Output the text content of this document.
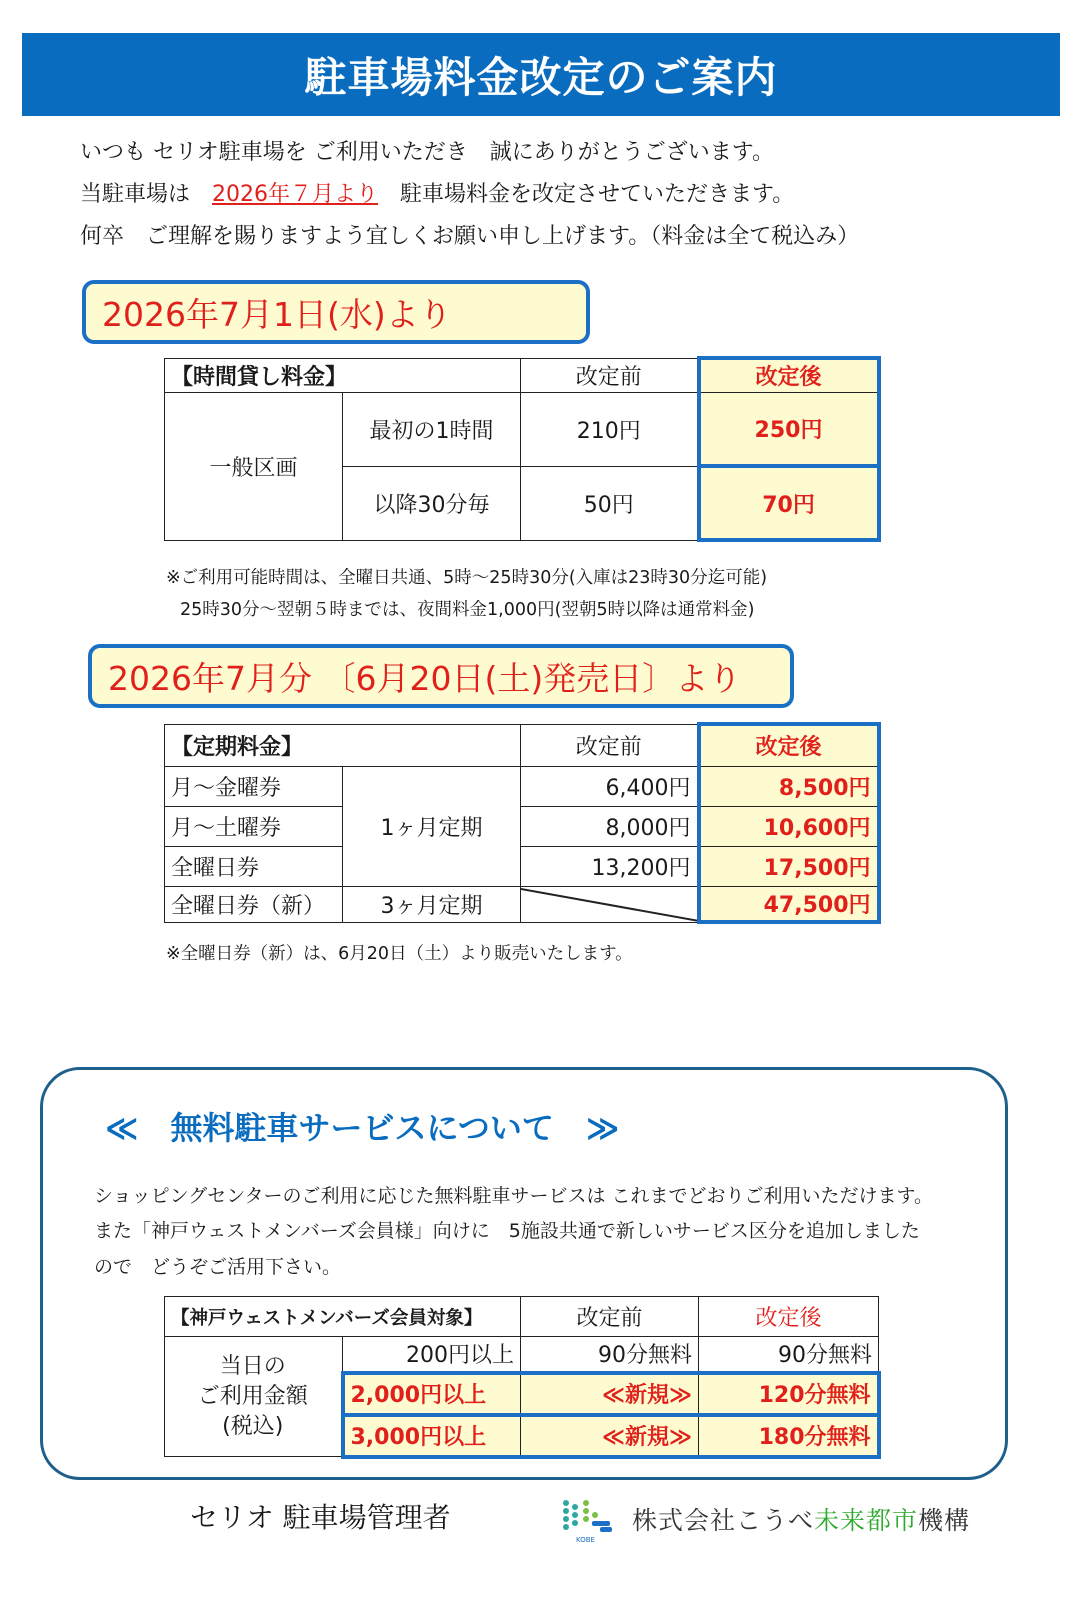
駐車場料金改定のご案内
いつも セリオ駐車場を ご利用いただき　誠にありがとうございます。
当駐車場は　2026年７月より　駐車場料金を改定させていただきます。
何卒　ご理解を賜りますよう宜しくお願い申し上げます。（料金は全て税込み）
2026年7月1日(水)より
【時間貸し料金】		改定前	改定後
一般区画	最初の1時間	210円	250円
	以降30分毎	50円	70円
※ご利用可能時間は、全曜日共通、5時～25時30分(入庫は23時30分迄可能)
25時30分～翌朝５時までは、夜間料金1,000円(翌朝5時以降は通常料金)
2026年7月分 〔6月20日(土)発売日〕より
【定期料金】		改定前	改定後
月～金曜券	1ヶ月定期	6,400円	8,500円
月～土曜券		8,000円	10,600円
全曜日券		13,200円	17,500円
全曜日券（新）	3ヶ月定期		47,500円
※全曜日券（新）は、6月20日（土）より販売いたします。
≪　無料駐車サービスについて　≫
ショッピングセンターのご利用に応じた無料駐車サービスは これまでどおりご利用いただけます。
また「神戸ウェストメンバーズ会員様」向けに　5施設共通で新しいサービス区分を追加しました
ので　どうぞご活用下さい。
【神戸ウェストメンバーズ会員対象】		改定前	改定後

当日の
ご利用金額
(税込)	200円以上	90分無料	90分無料
	2,000円以上	≪新規≫	120分無料
	3,000円以上	≪新規≫	180分無料
セリオ 駐車場管理者
KOBE
株式会社こうべ未来都市機構
